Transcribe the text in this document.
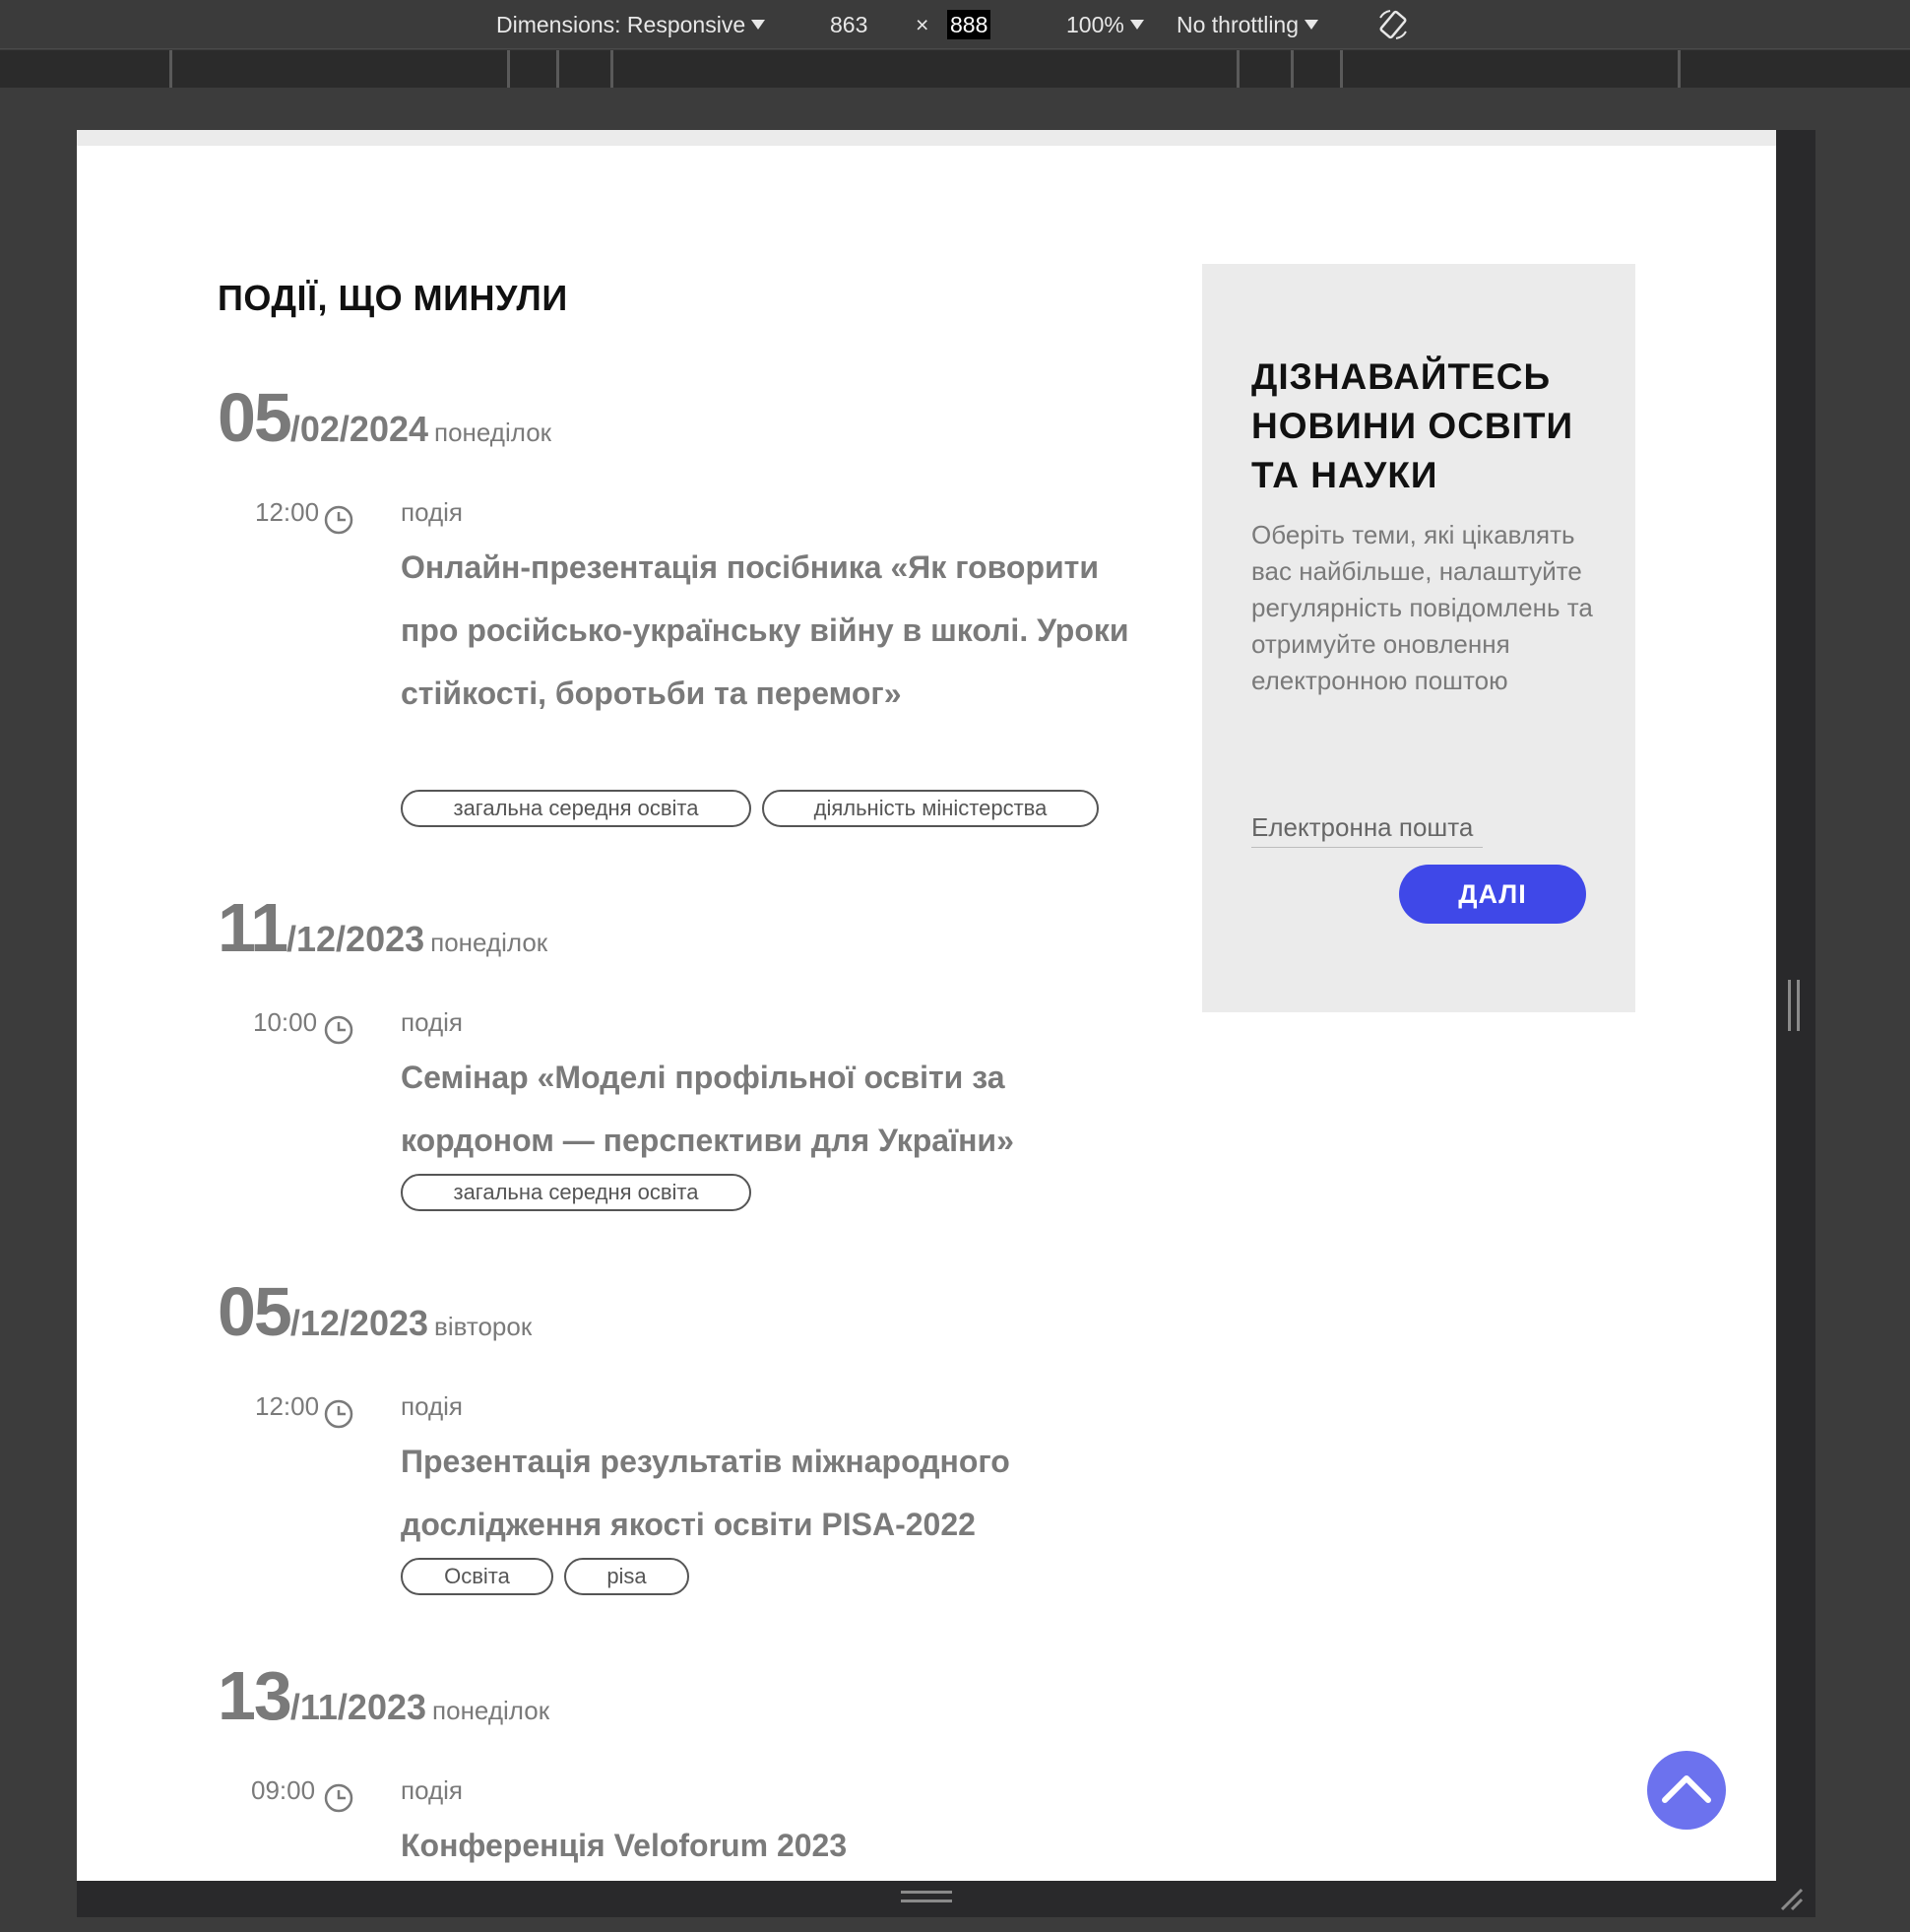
Dimensions: Responsive	863 × 888	100%	No throttling
ПОДІЇ, ЩО МИНУЛИ
05/02/2024 понеділок
12:00	подія
Онлайн-презентація посібника «Як говорити про російсько-українську війну в школі. Уроки стійкості, боротьби та перемог»
загальна середня освіта	діяльність міністерства
11/12/2023 понеділок
10:00	подія
Семінар «Моделі профільної освіти за кордоном — перспективи для України»
загальна середня освіта
05/12/2023 вівторок
12:00	подія
Презентація результатів міжнародного дослідження якості освіти PISA-2022
Освіта	pisa
13/11/2023 понеділок
09:00	подія
Конференція Veloforum 2023
ДІЗНАВАЙТЕСЬ НОВИНИ ОСВІТИ ТА НАУКИ
Оберіть теми, які цікавлять вас найбільше, налаштуйте регулярність повідомлень та отримуйте оновлення електронною поштою
Електронна пошта
ДАЛІ
